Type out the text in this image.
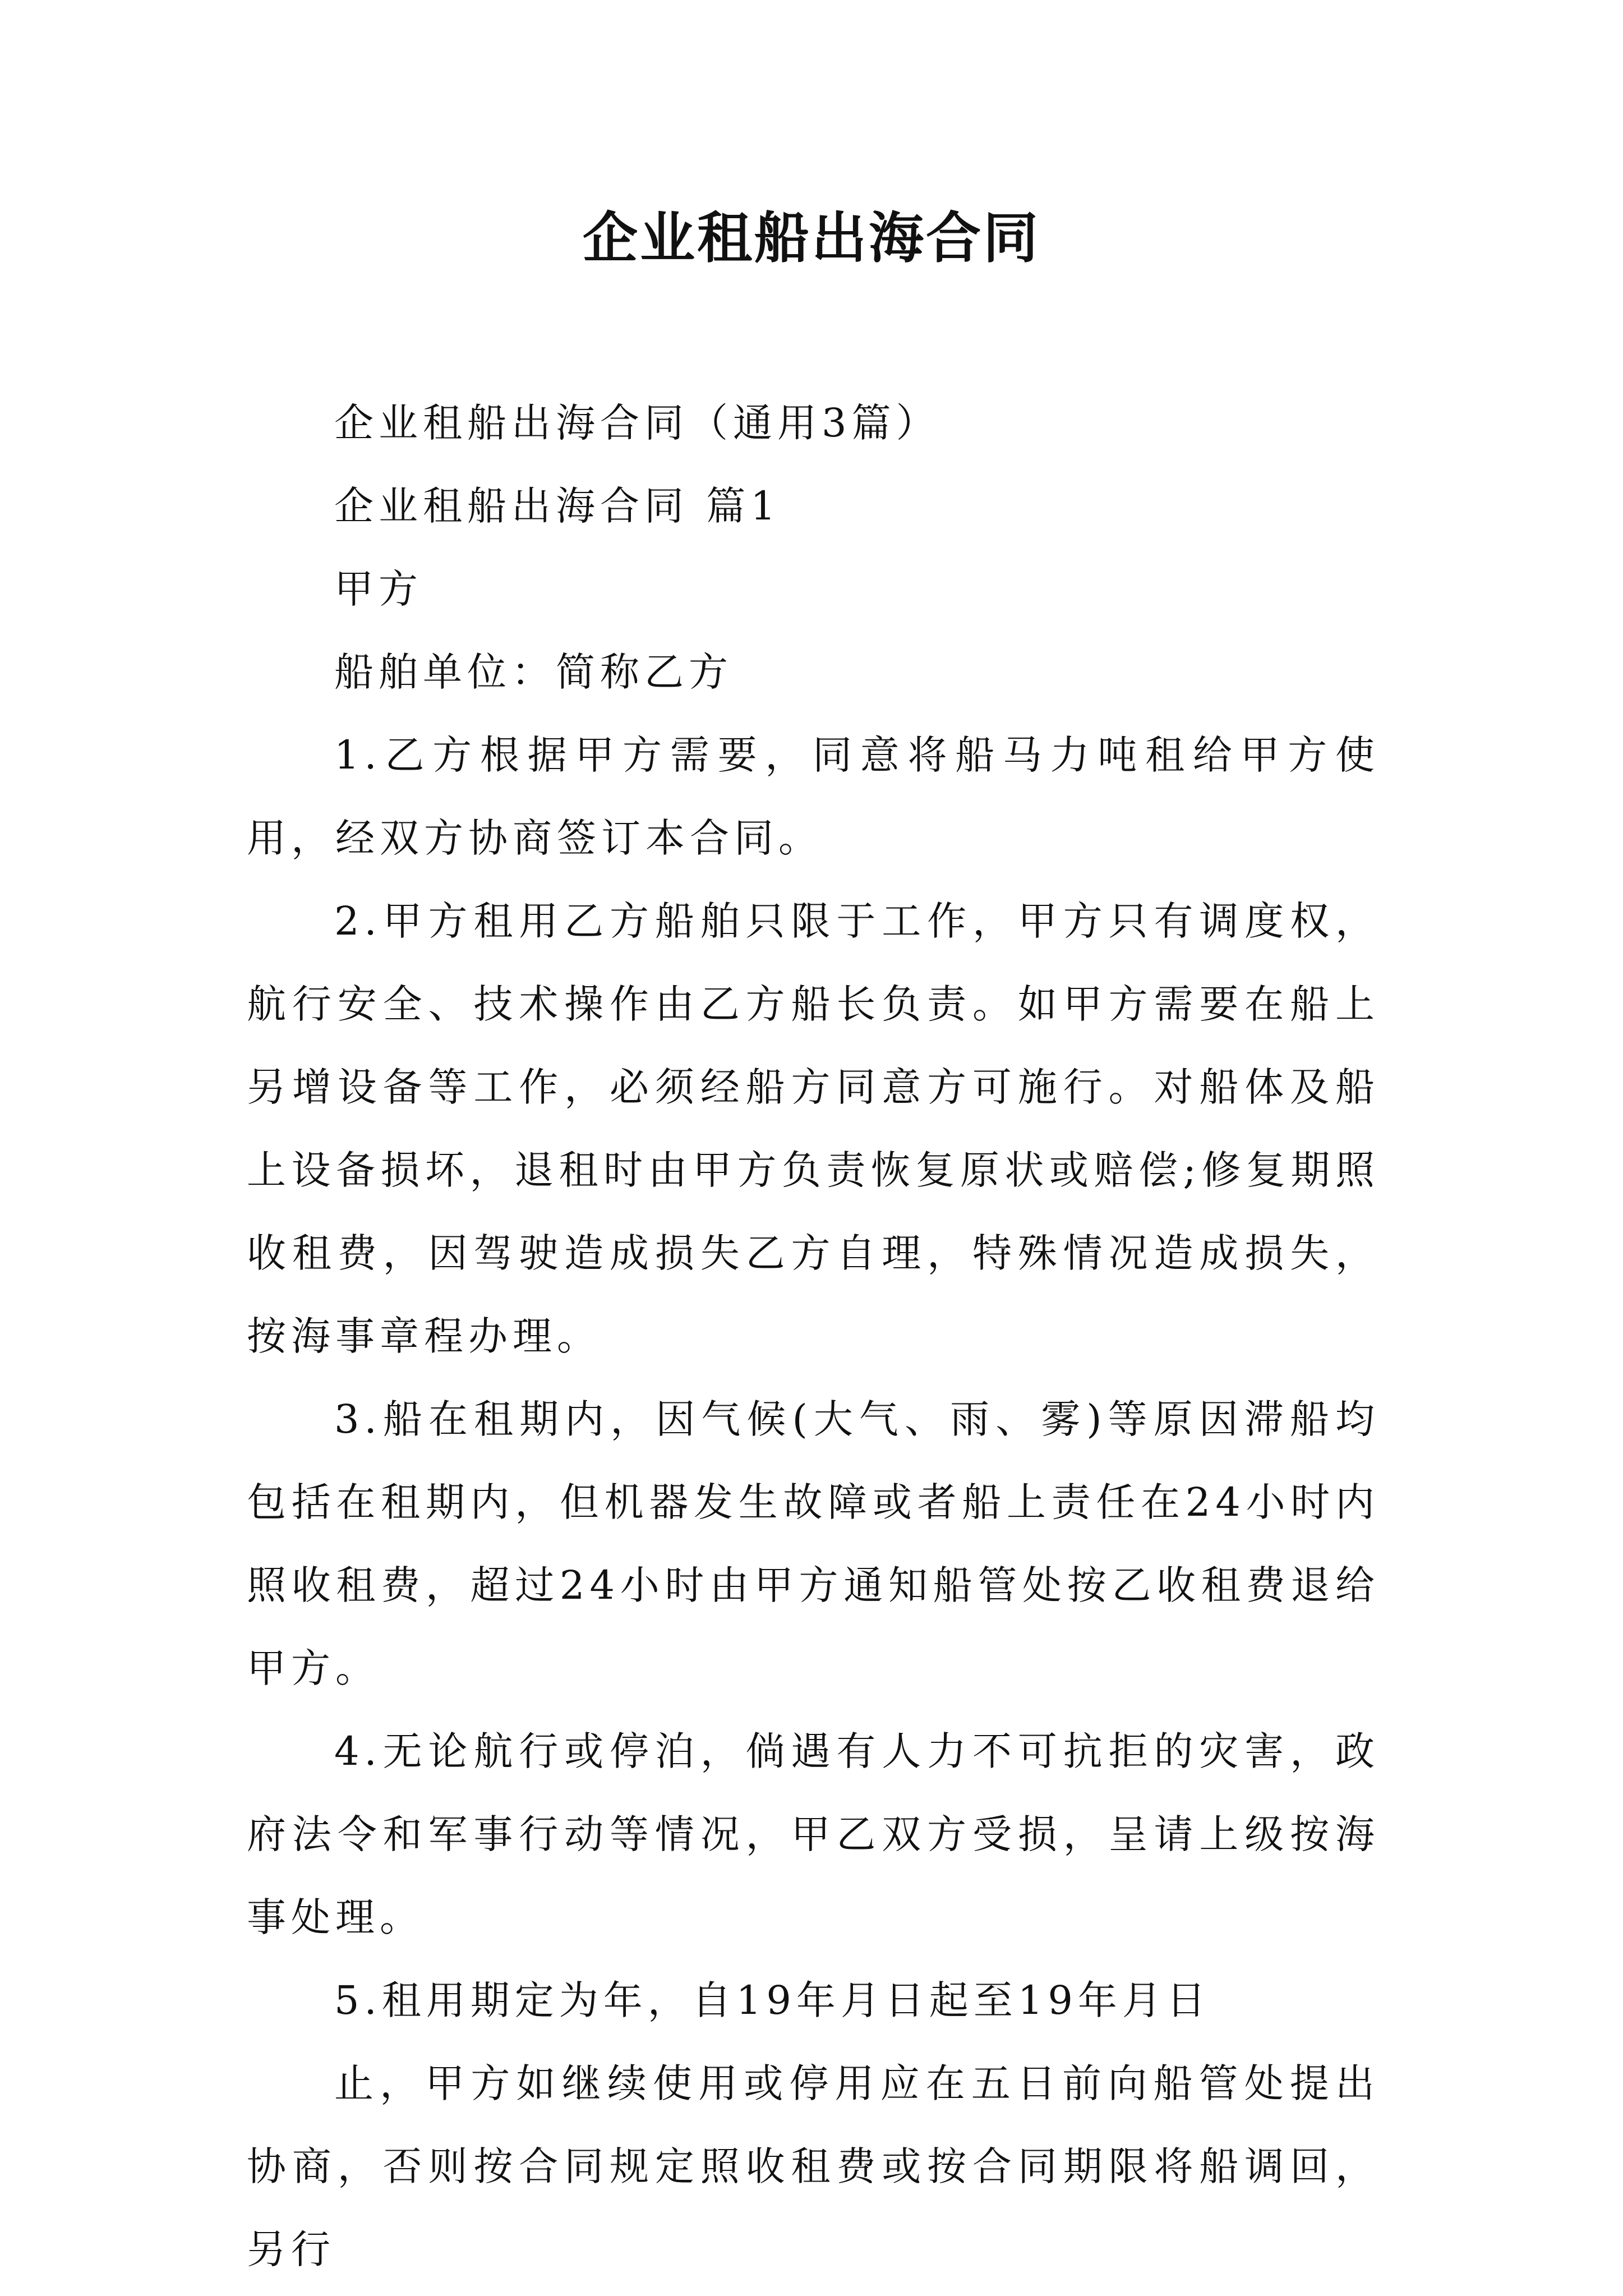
企业租船出海合同

企业租船出海合同（通用3篇）

企业租船出海合同 篇1

甲方

船舶单位：简称乙方

1.乙方根据甲方需要，同意将船马力吨租给甲方使用，经双方协商签订本合同。

2.甲方租用乙方船舶只限于工作，甲方只有调度权，航行安全、技术操作由乙方船长负责。如甲方需要在船上另增设备等工作，必须经船方同意方可施行。对船体及船上设备损坏，退租时由甲方负责恢复原状或赔偿;修复期照收租费，因驾驶造成损失乙方自理，特殊情况造成损失，按海事章程办理。

3.船在租期内，因气候(大气、雨、雾)等原因滞船均包括在租期内，但机器发生故障或者船上责任在24小时内照收租费，超过24小时由甲方通知船管处按乙收租费退给甲方。

4.无论航行或停泊，倘遇有人力不可抗拒的灾害，政府法令和军事行动等情况，甲乙双方受损，呈请上级按海事处理。

5.租用期定为年，自19年月日起至19年月日

止，甲方如继续使用或停用应在五日前向船管处提出协商，否则按合同规定照收租费或按合同期限将船调回，另行
